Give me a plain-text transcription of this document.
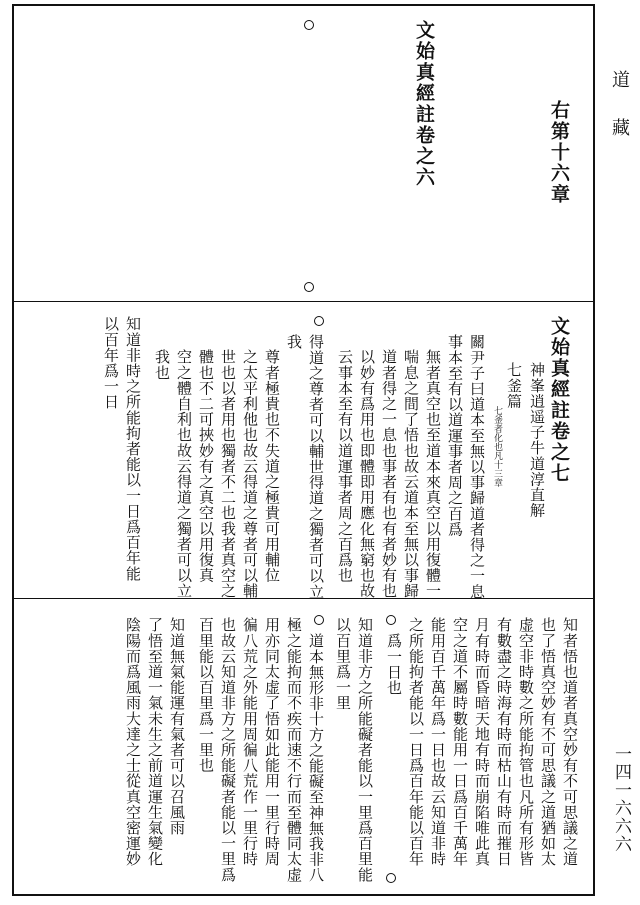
右第十六章
文始真經註卷之六
文始真經註卷之七
神峯逍遥子牛道淳直解
七釜篇
七釜者化也凡十三章
關尹子曰道本至無以事歸道者得之一息
事本至有以道運事者周之百爲
無者真空也至道本來真空以用復體一
喘息之間了悟也故云道本至無以事歸
道者得之一息也事者有也有者妙有也
以妙有爲用也即體即用應化無窮也故
云事本至有以道運事者周之百爲也
得道之尊者可以輔世得道之獨者可以立
我
尊者極貴也不失道之極貴可用輔位
之太平利他也故云得道之尊者可以輔
世也以者用也獨者不二也我者真空之
體也不二可挾妙有之真空以用復真
空之體自利也故云得道之獨者可以立
我也
知道非時之所能拘者能以一日爲百年能
以百年爲一日
知者悟也道者真空妙有不可思議之道
也了悟真空妙有不可思議之道猶如太
虚空非時數之所能拘管也凡所有形皆
有數盡之時海有時而枯山有時而摧日
月有時而昏暗天地有時而崩陷唯此真
空之道不屬時數能用一日爲百千萬年
能用百千萬年爲一日也故云知道非時
之所能拘者能以一日爲百年能以百年
爲一日也
知道非方之所能礙者能以一里爲百里能
以百里爲一里
道本無形非十方之能礙至神無我非八
極之能拘而不疾而速不行而至體同太虚
用亦同太虚了悟如此能用一里行時周
徧八荒之外能用周徧八荒作一里行時
也故云知道非方之所能礙者能以一里爲
百里能以百里爲一里也
知道無氣能運有氣者可以召風雨
了悟至道一氣未生之前道運生氣變化
陰陽而爲風雨大達之士從真空密運妙
道藏
一四一六六六
